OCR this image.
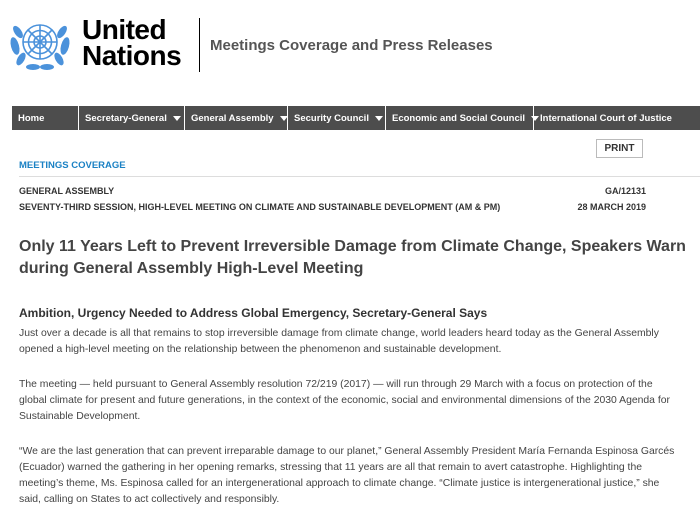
United
Nations Meetings Coverage and Press Releases
Home	Secretary-General	General Assembly Security Council Economic and Social Council International Court of Justice
PRINT
MEETINGS COVERAGE
GENERAL ASSEMBLY
SEVENTY-THIRD SESSION, HIGH-LEVEL MEETING ON CLIMATE AND SUSTAINABLE DEVELOPMENT (AM & PM)
GA/12131
28 MARCH 2019
Only 11 Years Left to Prevent Irreversible Damage from Climate Change, Speakers Warn during General Assembly High-Level Meeting
Ambition, Urgency Needed to Address Global Emergency, Secretary-General Says

Just over a decade is all that remains to stop irreversible damage from climate change, world leaders heard today as the General Assembly opened a high-level meeting on the relationship between the phenomenon and sustainable development.

The meeting — held pursuant to General Assembly resolution 72/219 (2017) — will run through 29 March with a focus on protection of the global climate for present and future generations, in the context of the economic, social and environmental dimensions of the 2030 Agenda for Sustainable Development.

“We are the last generation that can prevent irreparable damage to our planet,” General Assembly President María Fernanda Espinosa Garcés (Ecuador) warned the gathering in her opening remarks, stressing that 11 years are all that remain to avert catastrophe. Highlighting the meeting’s theme, Ms. Espinosa called for an intergenerational approach to climate change. “Climate justice is intergenerational justice,” she said, calling on States to act collectively and responsibly.
